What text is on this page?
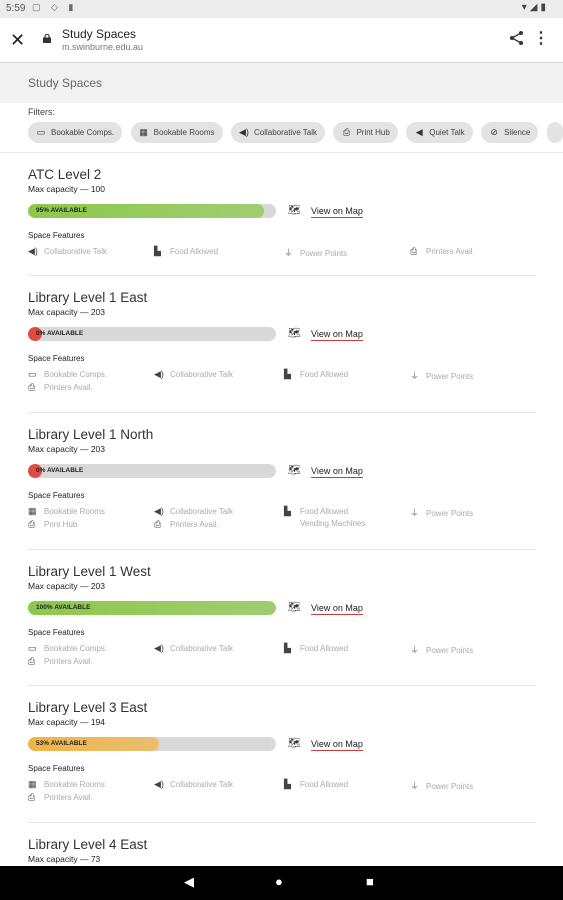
5:59 ▢ ◇ ▮	▾◢▮
✕	Study Spaces
m.swinburne.edu.au	⋮
Study Spaces
Filters:
▭ Bookable Comps.	▦ Bookable Rooms	◀) Collaborative Talk	⎙ Print Hub	◀ Quiet Talk	⊘ Silence
ATC Level 2
Max capacity — 100
95% AVAILABLE	🗺 View on Map
Space Features
◀) Collaborative Talk	▙ Food Allowed	⏚ Power Points	⎙ Printers Avail.
Library Level 1 East
Max capacity — 203
0% AVAILABLE	🗺 View on Map
Space Features
▭ Bookable Comps.	◀) Collaborative Talk	▙ Food Allowed	⏚ Power Points
⎙ Printers Avail.
Library Level 1 North
Max capacity — 203
0% AVAILABLE	🗺 View on Map
Space Features
▦ Bookable Rooms	◀) Collaborative Talk	▙ Food Allowed	⏚ Power Points
⎙ Print Hub	⎙ Printers Avail.	Vending Machines
Library Level 1 West
Max capacity — 203
100% AVAILABLE	🗺 View on Map
Space Features
▭ Bookable Comps.	◀) Collaborative Talk	▙ Food Allowed	⏚ Power Points
⎙ Printers Avail.
Library Level 3 East
Max capacity — 194
53% AVAILABLE	🗺 View on Map
Space Features
▦ Bookable Rooms	◀) Collaborative Talk	▙ Food Allowed	⏚ Power Points
⎙ Printers Avail.
Library Level 4 East
Max capacity — 73
◀	●	■
